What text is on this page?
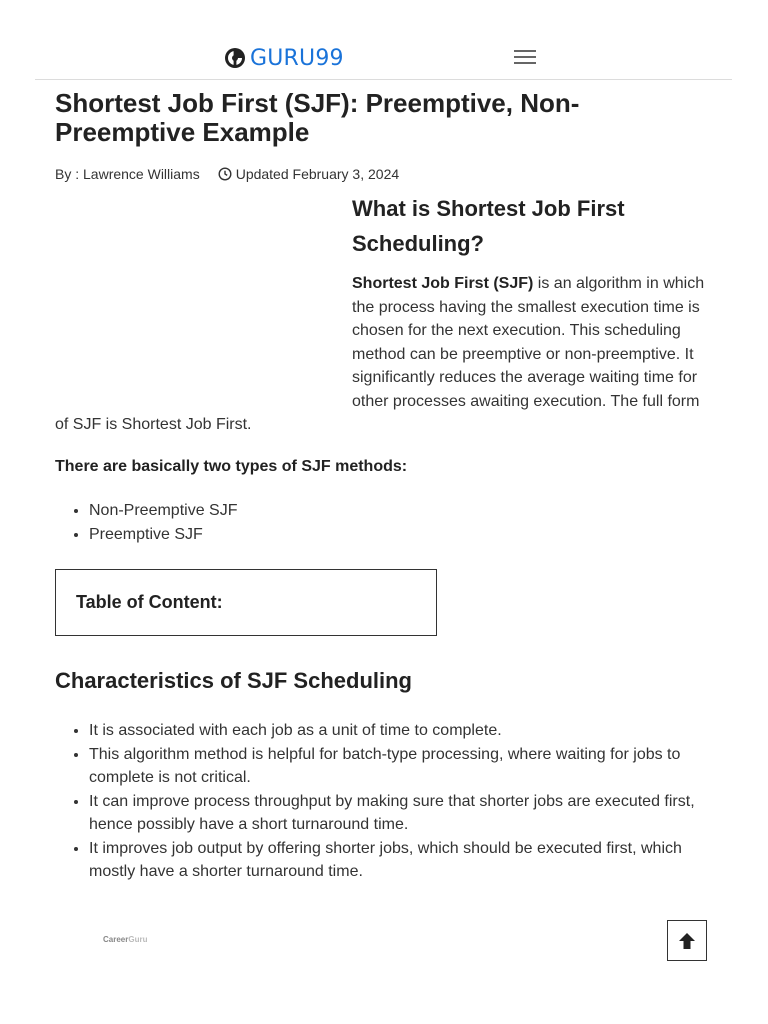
GURU99
Shortest Job First (SJF): Preemptive, Non-Preemptive Example
By : Lawrence Williams	Updated February 3, 2024
What is Shortest Job First Scheduling?

Shortest Job First (SJF) is an algorithm in which the process having the smallest execution time is chosen for the next execution. This scheduling method can be preemptive or non-preemptive. It significantly reduces the average waiting time for other processes awaiting execution. The full form of SJF is Shortest Job First.

There are basically two types of SJF methods:
• Non-Preemptive SJF
• Preemptive SJF
Table of Content:
Characteristics of SJF Scheduling
• It is associated with each job as a unit of time to complete.
• This algorithm method is helpful for batch-type processing, where waiting for jobs to complete is not critical.
• It can improve process throughput by making sure that shorter jobs are executed first, hence possibly have a short turnaround time.
• It improves job output by offering shorter jobs, which should be executed first, which mostly have a shorter turnaround time.
CareerGuru
